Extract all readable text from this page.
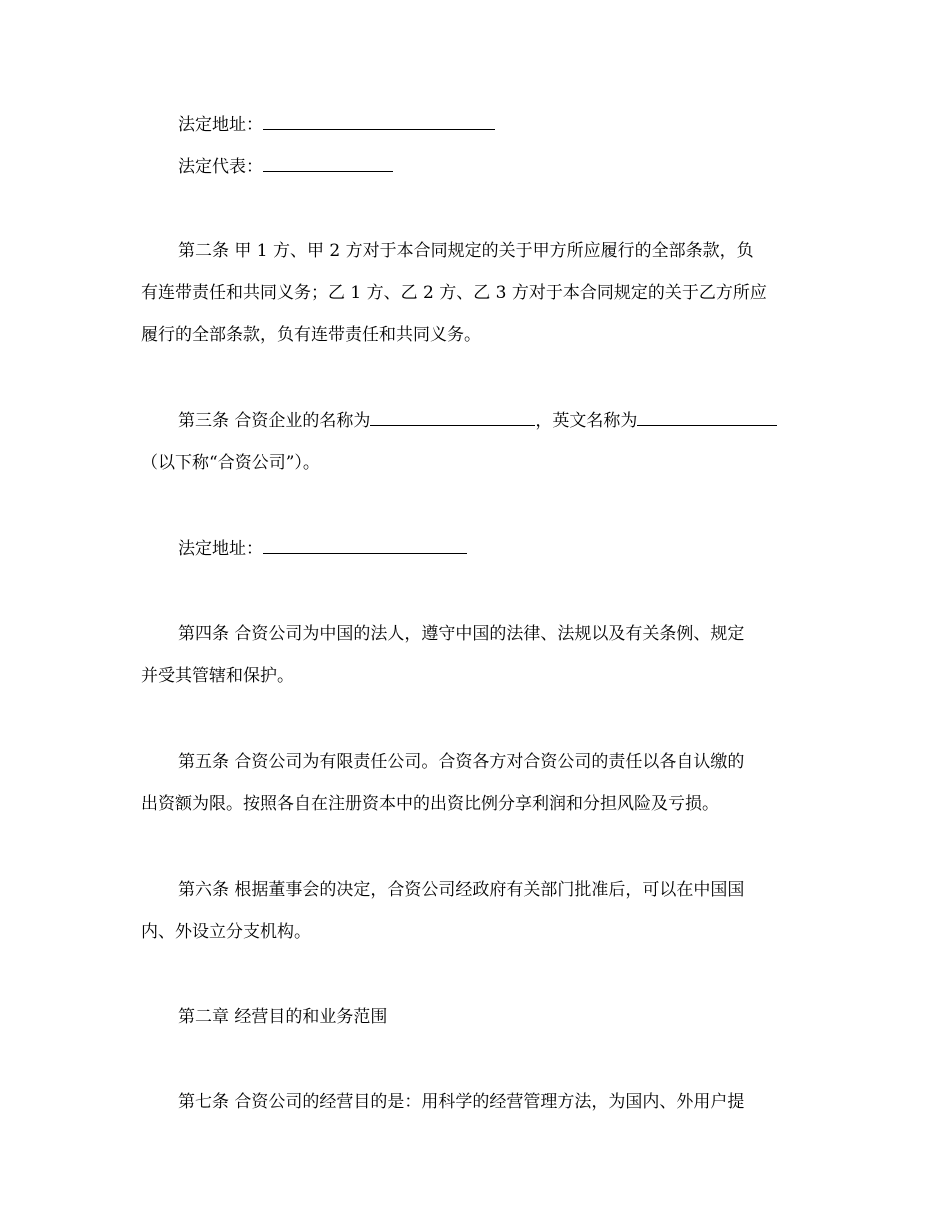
法定地址：
法定代表：
第二条 甲 1 方、甲 2 方对于本合同规定的关于甲方所应履行的全部条款，负
有连带责任和共同义务；乙 1 方、乙 2 方、乙 3 方对于本合同规定的关于乙方所应
履行的全部条款，负有连带责任和共同义务。
第三条 合资企业的名称为	，英文名称为
（以下称“合资公司”）。
法定地址：
第四条 合资公司为中国的法人，遵守中国的法律、法规以及有关条例、规定
并受其管辖和保护。
第五条 合资公司为有限责任公司。合资各方对合资公司的责任以各自认缴的
出资额为限。按照各自在注册资本中的出资比例分享利润和分担风险及亏损。
第六条 根据董事会的决定，合资公司经政府有关部门批准后，可以在中国国
内、外设立分支机构。
第二章 经营目的和业务范围
第七条 合资公司的经营目的是：用科学的经营管理方法，为国内、外用户提
